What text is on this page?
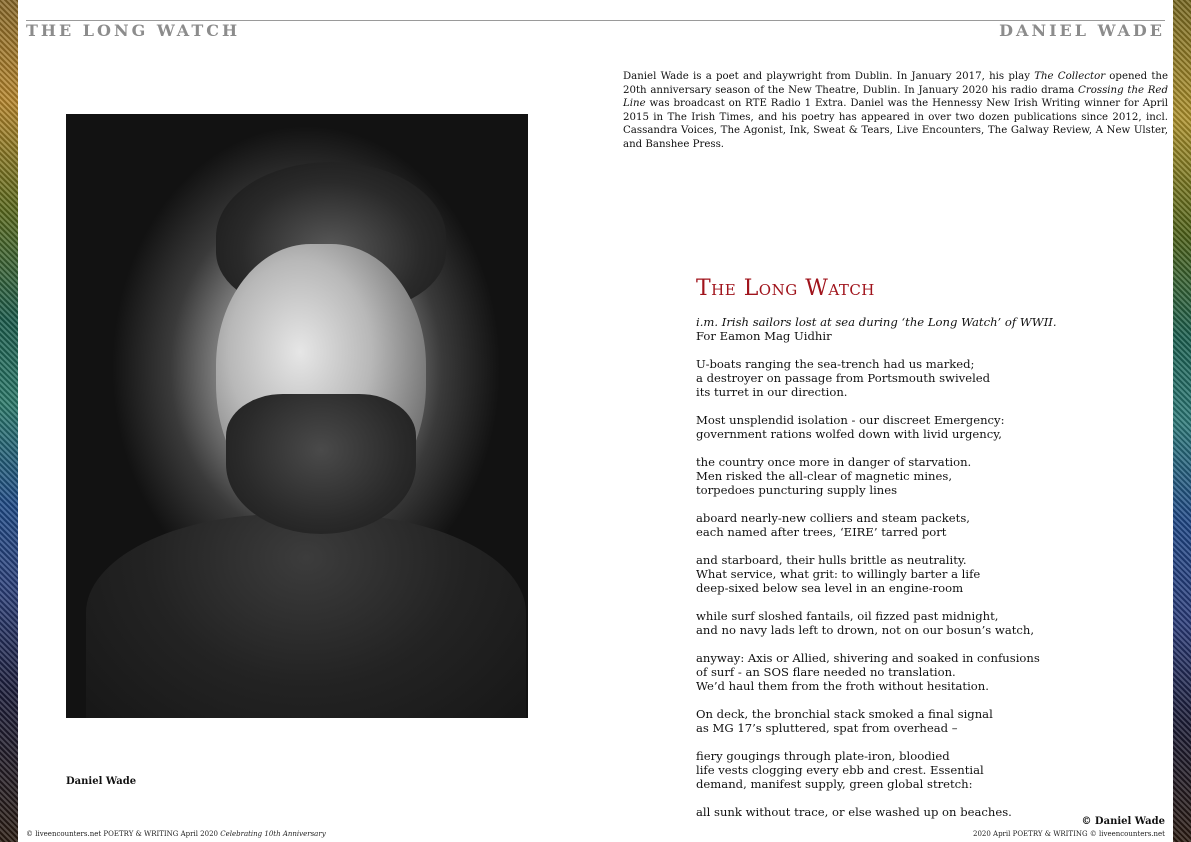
THE LONG WATCH	DANIEL WADE
Daniel Wade
Daniel Wade is a poet and playwright from Dublin. In January 2017, his play The Collector opened the 20th anniversary season of the New Theatre, Dublin. In January 2020 his radio drama Crossing the Red Line was broadcast on RTE Radio 1 Extra. Daniel was the Hennessy New Irish Writing winner for April 2015 in The Irish Times, and his poetry has appeared in over two dozen publications since 2012, incl. Cassandra Voices, The Agonist, Ink, Sweat & Tears, Live Encounters, The Galway Review, A New Ulster, and Banshee Press.
The Long Watch
i.m. Irish sailors lost at sea during ‘the Long Watch’ of WWII.
For Eamon Mag Uidhir
U-boats ranging the sea-trench had us marked;
a destroyer on passage from Portsmouth swiveled
its turret in our direction.
Most unsplendid isolation - our discreet Emergency:
government rations wolfed down with livid urgency,
the country once more in danger of starvation.
Men risked the all-clear of magnetic mines,
torpedoes puncturing supply lines
aboard nearly-new colliers and steam packets,
each named after trees, ‘EIRE’ tarred port
and starboard, their hulls brittle as neutrality.
What service, what grit: to willingly barter a life
deep-sixed below sea level in an engine-room
while surf sloshed fantails, oil fizzed past midnight,
and no navy lads left to drown, not on our bosun’s watch,
anyway: Axis or Allied, shivering and soaked in confusions
of surf - an SOS flare needed no translation.
We’d haul them from the froth without hesitation.
On deck, the bronchial stack smoked a final signal
as MG 17’s spluttered, spat from overhead –
fiery gougings through plate-iron, bloodied
life vests clogging every ebb and crest. Essential
demand, manifest supply, green global stretch:
all sunk without trace, or else washed up on beaches.
© Daniel Wade
© liveencounters.net POETRY & WRITING April 2020 Celebrating 10th Anniversary	2020 April POETRY & WRITING © liveencounters.net
